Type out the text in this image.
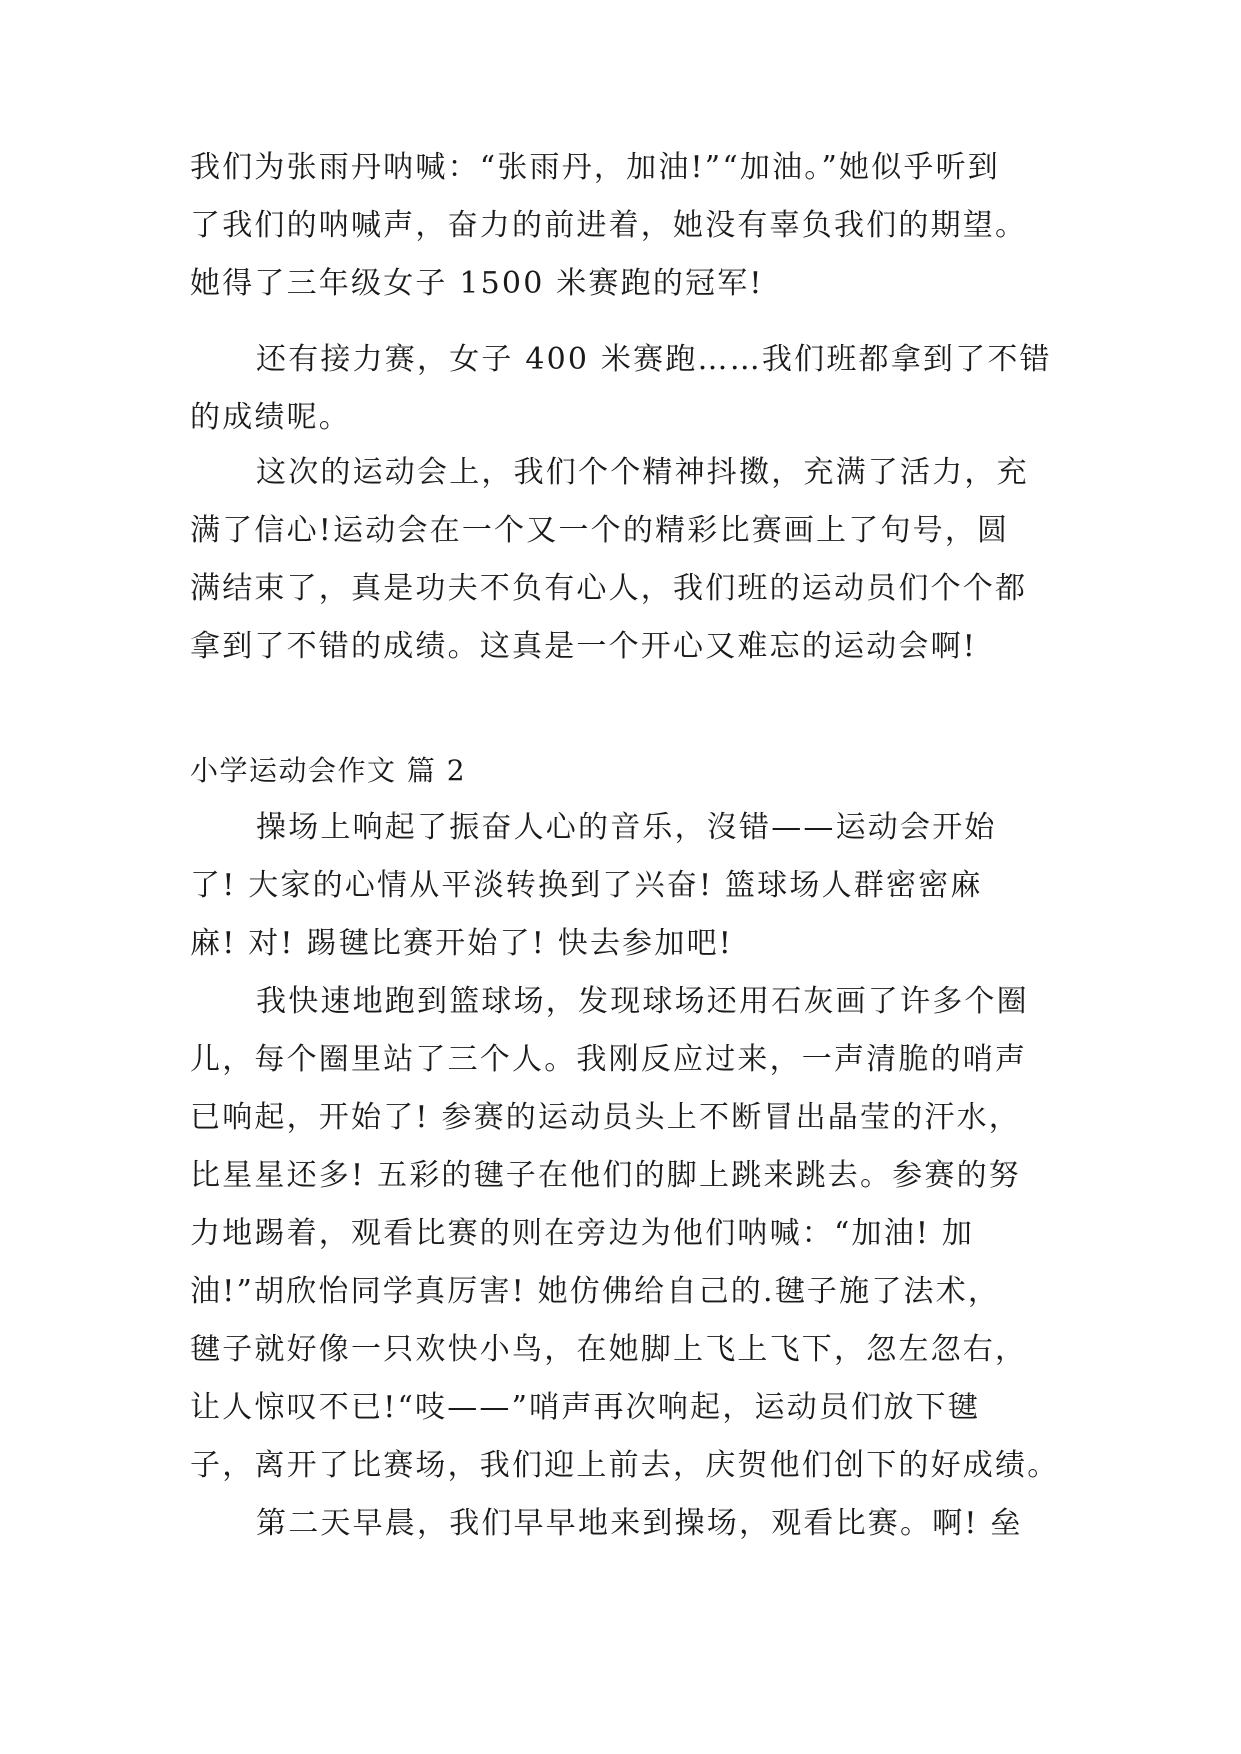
我们为张雨丹呐喊：“张雨丹，加油!”“加油。”她似乎听到
了我们的呐喊声，奋力的前进着，她没有辜负我们的期望。
她得了三年级女子 1500 米赛跑的冠军!
还有接力赛，女子 400 米赛跑……我们班都拿到了不错
的成绩呢。
这次的运动会上，我们个个精神抖擞，充满了活力，充
满了信心!运动会在一个又一个的精彩比赛画上了句号，圆
满结束了，真是功夫不负有心人，我们班的运动员们个个都
拿到了不错的成绩。这真是一个开心又难忘的运动会啊!
小学运动会作文 篇 2
操场上响起了振奋人心的音乐，沒错——运动会开始
了! 大家的心情从平淡转换到了兴奋! 篮球场人群密密麻
麻! 对! 踢毽比赛开始了! 快去参加吧!
我快速地跑到篮球场，发现球场还用石灰画了许多个圈
儿，每个圈里站了三个人。我刚反应过来，一声清脆的哨声
已响起，开始了! 参赛的运动员头上不断冒出晶莹的汗水，
比星星还多! 五彩的毽子在他们的脚上跳来跳去。参赛的努
力地踢着，观看比赛的则在旁边为他们呐喊：“加油! 加
油!”胡欣怡同学真厉害! 她仿佛给自己的.毽子施了法术，
毽子就好像一只欢快小鸟，在她脚上飞上飞下，忽左忽右，
让人惊叹不已!“吱——”哨声再次响起，运动员们放下毽
子，离开了比赛场，我们迎上前去，庆贺他们创下的好成绩。
第二天早晨，我们早早地来到操场，观看比赛。啊! 垒
